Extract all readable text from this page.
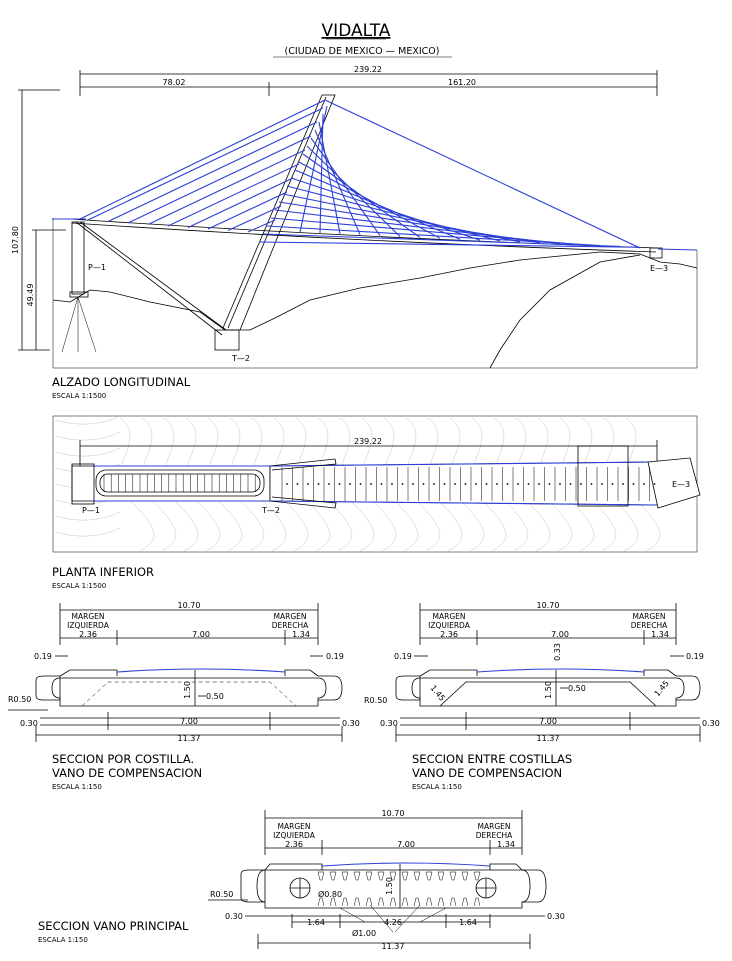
VIDALTA
(CIUDAD DE MEXICO — MEXICO)
239.22
78.02	161.20
107.80
49.49
P—1
T—2
E—3
ALZADO LONGITUDINAL
ESCALA 1:1500
239.22
P—1	T—2
E—3
PLANTA INFERIOR
ESCALA 1:1500
10.70
MARGEN
IZQUIERDA
MARGEN
DERECHA
2.36	7.00	1.34
0.19	0.19
1.50 0.50
R0.50
0.30	0.30
7.00
11.37
SECCION POR COSTILLA.
VANO DE COMPENSACION
ESCALA 1:150
10.70
MARGEN
IZQUIERDA
MARGEN
DERECHA
2.36	7.00	1.34
0.33
0.19	0.19
1.45	1.45
1.50 0.50
R0.50
0.30	0.30
7.00
11.37
SECCION ENTRE COSTILLAS
VANO DE COMPENSACION
ESCALA 1:150
10.70
MARGEN
IZQUIERDA
MARGEN
DERECHA
2.36	7.00	1.34
1.50
Ø0.80
R0.50
0.30	0.30
1.64	4.26	1.64
Ø1.00
11.37
SECCION VANO PRINCIPAL
ESCALA 1:150
